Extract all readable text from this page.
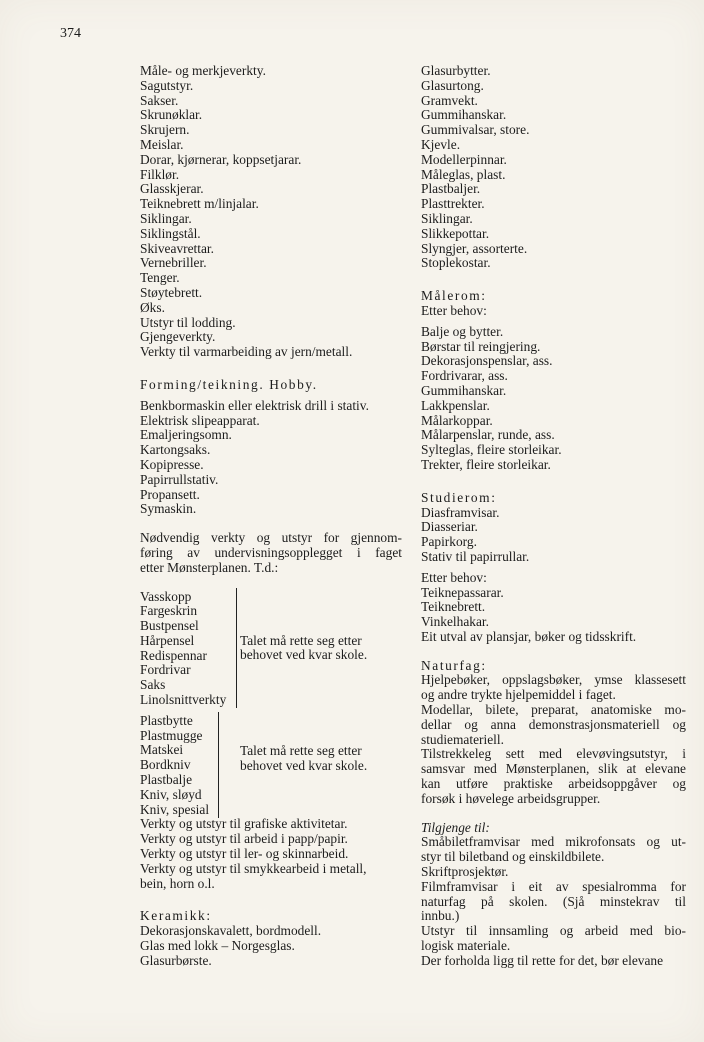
374
Måle- og merkjeverkty.
Sagutstyr.
Sakser.
Skrunøklar.
Skrujern.
Meislar.
Dorar, kjørnerar, koppsetjarar.
Filklør.
Glasskjerar.
Teiknebrett m/linjalar.
Siklingar.
Siklingstål.
Skiveavrettar.
Vernebriller.
Tenger.
Støytebrett.
Øks.
Utstyr til lodding.
Gjengeverkty.
Verkty til varmarbeiding av jern/metall.
Forming/teikning. Hobby.
Benkbormaskin eller elektrisk drill i stativ.
Elektrisk slipeapparat.
Emaljeringsomn.
Kartongsaks.
Kopipresse.
Papirrullstativ.
Propansett.
Symaskin.
Nødvendig verkty og utstyr for gjennom-
føring av undervisningsopplegget i faget
etter Mønsterplanen. T.d.:
Vasskopp
Fargeskrin
Bustpensel
Hårpensel
Redispennar
Fordrivar
Saks
Linolsnittverkty
Talet må rette seg etter
behovet ved kvar skole.
Plastbytte
Plastmugge
Matskei
Bordkniv
Plastbalje
Kniv, sløyd
Kniv, spesial
Talet må rette seg etter
behovet ved kvar skole.
Verkty og utstyr til grafiske aktivitetar.
Verkty og utstyr til arbeid i papp/papir.
Verkty og utstyr til ler- og skinnarbeid.
Verkty og utstyr til smykkearbeid i metall,
bein, horn o.l.
Keramikk:
Dekorasjonskavalett, bordmodell.
Glas med lokk – Norgesglas.
Glasurbørste.
Glasurbytter.
Glasurtong.
Gramvekt.
Gummihanskar.
Gummivalsar, store.
Kjevle.
Modellerpinnar.
Måleglas, plast.
Plastbaljer.
Plasttrekter.
Siklingar.
Slikkepottar.
Slyngjer, assorterte.
Stoplekostar.
Målerom:
Etter behov:
Balje og bytter.
Børstar til reingjering.
Dekorasjonspenslar, ass.
Fordrivarar, ass.
Gummihanskar.
Lakkpenslar.
Målarkoppar.
Målarpenslar, runde, ass.
Sylteglas, fleire storleikar.
Trekter, fleire storleikar.
Studierom:
Diasframvisar.
Diasseriar.
Papirkorg.
Stativ til papirrullar.
Etter behov:
Teiknepassarar.
Teiknebrett.
Vinkelhakar.
Eit utval av plansjar, bøker og tidsskrift.
Naturfag:
Hjelpebøker, oppslagsbøker, ymse klassesett
og andre trykte hjelpemiddel i faget.
Modellar, bilete, preparat, anatomiske mo-
dellar og anna demonstrasjonsmateriell og
studiemateriell.
Tilstrekkeleg sett med elevøvingsutstyr, i
samsvar med Mønsterplanen, slik at elevane
kan utføre praktiske arbeidsoppgåver og
forsøk i høvelege arbeidsgrupper.
Tilgjenge til:
Småbiletframvisar med mikrofonsats og ut-
styr til biletband og einskildbilete.
Skriftprosjektør.
Filmframvisar i eit av spesialromma for
naturfag på skolen. (Sjå minstekrav til
innbu.)
Utstyr til innsamling og arbeid med bio-
logisk materiale.
Der forholda ligg til rette for det, bør elevane
